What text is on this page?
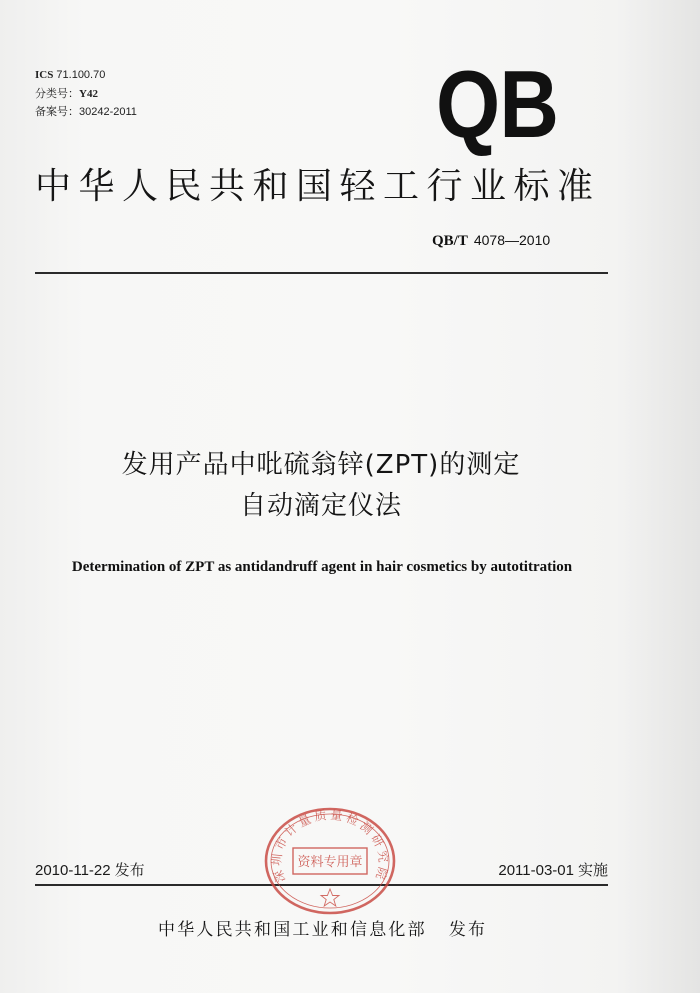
ICS 71.100.70
分类号：Y42
备案号：30242-2011	QB
中华人民共和国轻工行业标准
QB/T 4078—2010
发用产品中吡硫翁锌(ZPT)的测定
自动滴定仪法
Determination of ZPT as antidandruff agent in hair cosmetics by autotitration
2010-11-22 发布	2011-03-01 实施
深圳市计量质量检测研究院
资料专用章
中华人民共和国工业和信息化部 发布
